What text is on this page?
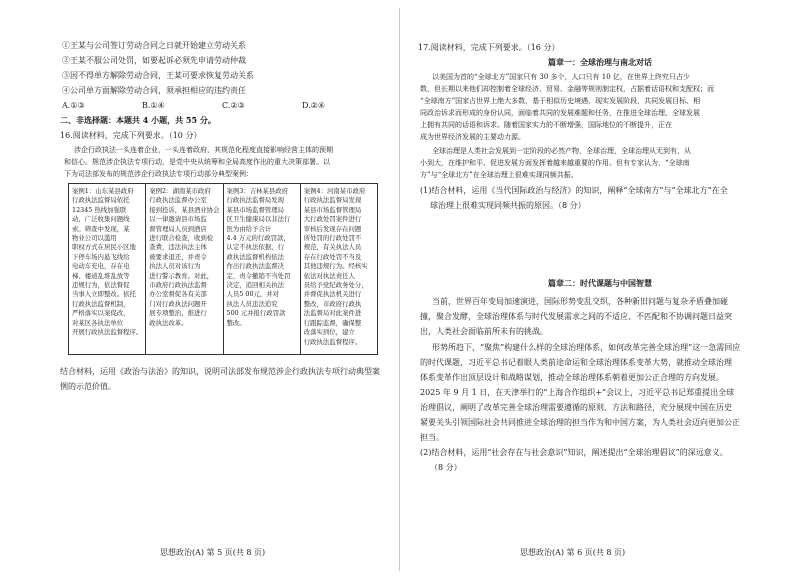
①王某与公司签订劳动合同之日就开始建立劳动关系
②王某不服公司处罚，如要起诉必须先申请劳动仲裁
③因不得单方解除劳动合同，王某可要求恢复劳动关系
④公司单方面解除劳动合同，须承担相应的违约责任
A.①③	B.①④	C.②③	D.②④
二、非选择题：本题共 4 小题，共 55 分。
16.阅读材料，完成下列要求。（10 分）
涉企行政执法一头连着企业，一头连着政府，其规范化程度直接影响经营主体的预期
和信心。规范涉企执法专项行动，是党中央从统筹和全局高度作出的重大决策部署。以
下为司法部发布的规范涉企行政执法专项行动部分典型案例：
案例1：山东某县政府
行政执法监督局依托
12345 热线加强联
动，广泛收集问题线
索。筛查中发现，某
物业公司以滥用
职权方式在居民小区地
下停车场内悬飞线给
电动车充电，存在电
梯、楼道乱堆乱放等
违规行为，依法督促
当事人立即整改。依托
行政执法监督机制，
严格落实以案促改，
对某区各执法单位
开展行政执法监督程序。
案例2：湖南某市政府
行政执法监督办公室
接到投诉，某县酒业协会
以一律邀请县市场监
督管理局人员到酒店
进行联合检查，收到检
查费，违法执法主体
被要求退还，并责令
执法人员对该行为
进行警示教育。对此，
市政府行政执法监督
办公室督促各有关部
门对行政执法问题开
展专项整治，推进行
政执法改革。
案例3：吉林某县政府
行政执法监督局发现
某县市场监督管理局
区卫生健康局以非法行
医为由给予合计
4.4 万元的行政罚款，
认定不执法依据，行
政执法监督机构依法
作出行政执法监督决
定，责令撤销不当处罚
决定，追回相关执法
人员5 00元，并对
执法人员违法追究
500 元并报行政罚款
整改。
案例4：河南某市政府
行政执法监督局发现
某县市场监督管理局
大行政处罚案件进行
审核后发现存在问题
所处罚的行政处罚不
规范，有关执法人员
存在行政处罚不当及
其他违规行为。经核实
依法对执法责任人
员给予党纪政务处分，
并督促执法机关进行
整改，市政府行政执
法监督局对此案件进
行跟踪监督，确保整
改落实到位，建立
行政执法监督程序。
结合材料，运用《政治与法治》的知识，说明司法部发布规范涉企行政执法专项行动典型案
例的示范价值。
思想政治(A) 第 5 页(共 8 页)
17.阅读材料，完成下列要求。（16 分）
篇章一：全球治理与南北对话
以美国为首的“全球北方”国家只有 30 多个，人口只有 10 亿，在世界上终究只占少
数，但长期以来他们却控制着全球经济、贸易、金融等规则制定权，占据着话语权和支配权；而
“全球南方”国家占世界上绝大多数，基于相似历史境遇，现实发展阶段，共同发展目标、相
同政治诉求而形成的身份认同，面临着共同的发展难题和任务，在推进全球治理、全球发展
上拥有共同的话语和诉求。随着国家实力的不断增强，国际地位的不断提升，正在
成为世界经济发展的主要动力源。
全球治理是人类社会发展到一定阶段的必然产物，全球治理，全球治理从无到有，从
小到大，在维护和平、促进发展方面发挥着越来越重要的作用。但有专家认为，“全球南
方”与“全球北方”在全球治理上很难实现同频共振。
(1)结合材料，运用《当代国际政治与经济》的知识，阐释“全球南方”与“全球北方”在全
球治理上很难实现同频共振的原因。（8 分）
篇章二：时代课题与中国智慧
当前，世界百年变局加速演进，国际形势变乱交织，各种新旧问题与复杂矛盾叠加碰
撞，聚合发酵，全球治理体系与时代发展需求之间的不适应、不匹配和不协调问题日益突
出，人类社会面临前所未有的挑战。
形势所趋下，“聚焦”构建什么样的全球治理体系，如何改革完善全球治理”这一急需回应
的时代课题，习近平总书记着眼人类前途命运和全球治理体系变革大势，就推动全球治理
体系变革作出顶层设计和战略谋划，推动全球治理体系朝着更加公正合理的方向发展。
2025 年 9 月 1 日，在天津举行的“上海合作组织+”会议上，习近平总书记郑重提出全球
治理倡议，阐明了改革完善全球治理需要遵循的原则、方法和路径，充分展现中国在历史
紧要关头引领国际社会共同推进全球治理的担当作为和中国方案，为人类社会迈向更加公正
担当。
(2)结合材料，运用“社会存在与社会意识”知识，阐述提出“全球治理倡议”的深远意义。
（8 分）
思想政治(A) 第 6 页(共 8 页)
